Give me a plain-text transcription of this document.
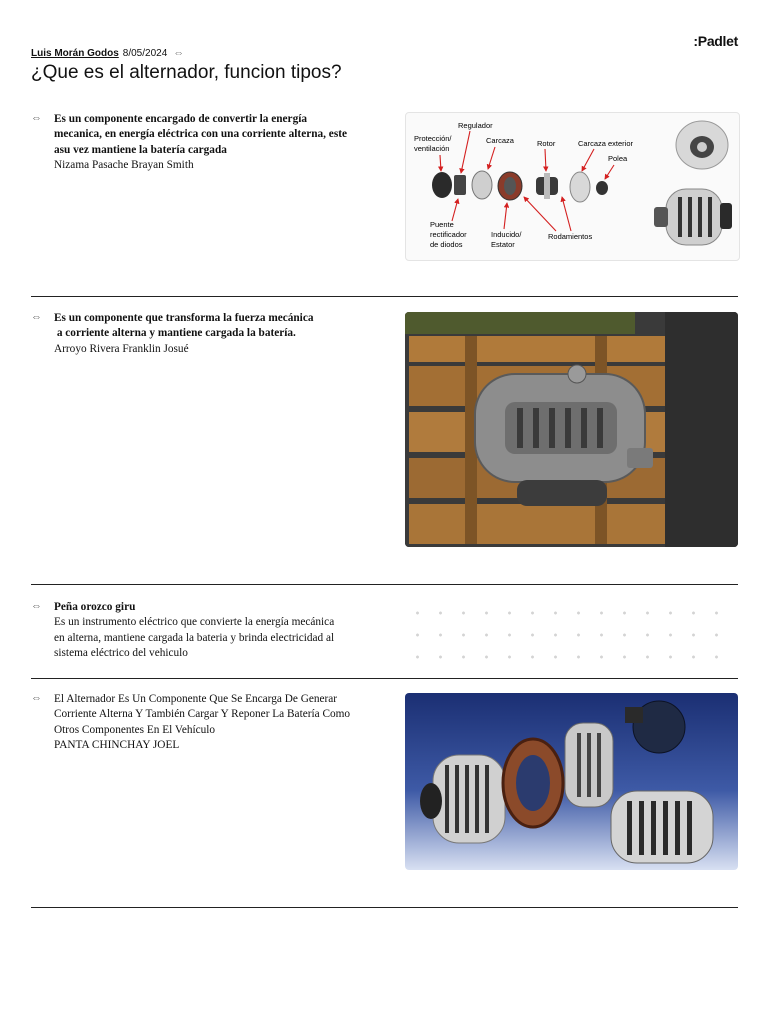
Luis Morán Godos 8/05/2024 ⇔
:Padlet
¿Que es el alternador, funcion tipos?
⇔ Es un componente encargado de convertir la energía mecanica, en energía eléctrica con una corriente alterna, este asu vez mantiene la batería cargada
Nizama Pasache Brayan Smith
Protección/
ventilación
Regulador
Carcaza	Rotor	Carcaza exterior
Polea
Puente
rectificador
de diodos
Inducido/
Estator
Rodamientos
⇔ Es un componente que transforma la fuerza mecánica
a corriente alterna y mantiene cargada la batería.
Arroyo Rivera Franklin Josué
⇔ Peña orozco giru
Es un instrumento eléctrico que convierte la energía mecánica en alterna, mantiene cargada la bateria y brinda electricidad al sistema eléctrico del vehiculo
⇔ El Alternador Es Un Componente Que Se Encarga De Generar Corriente Alterna Y También Cargar Y Reponer La Batería Como Otros Componentes En El Vehículo
PANTA CHINCHAY JOEL
